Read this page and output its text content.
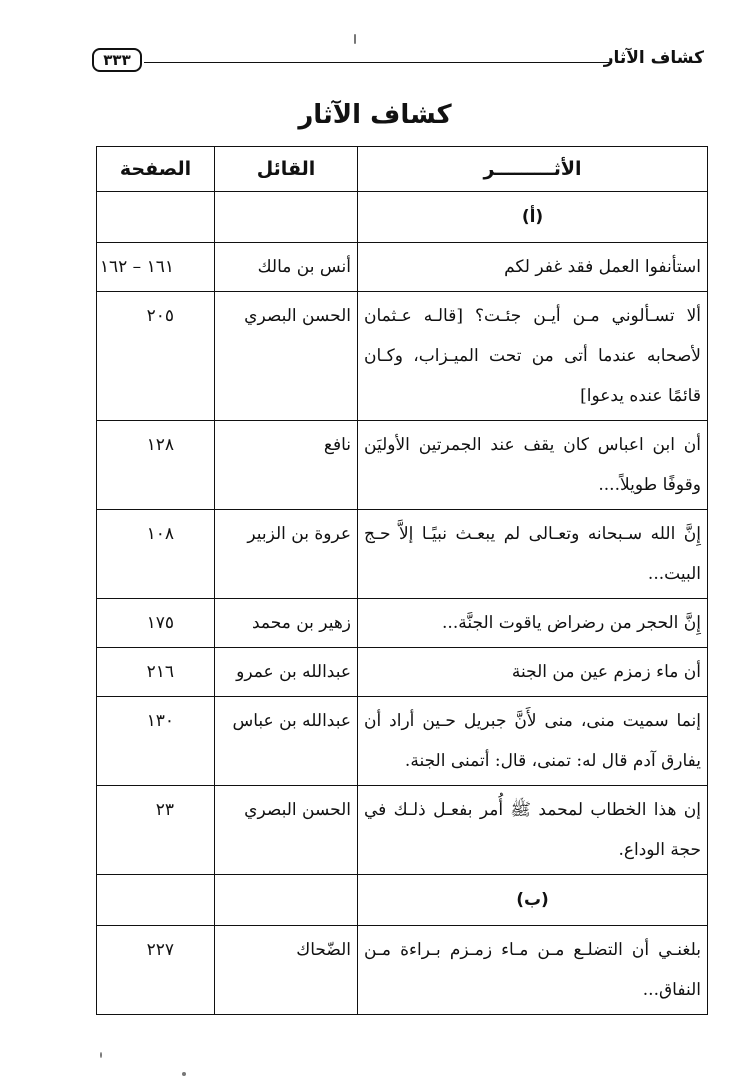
كشاف الآثار
٣٣٣
كشاف الآثار
الأثـــــــــر	القائل	الصفحة
(أ)		
استأنفوا العمل فقد غفر لكم	أنس بن مالك	١٦١ – ١٦٢
ألا تسـألوني مـن أيـن جئـت؟ [قالـه عـثمان لأصحابه عندما أتى من تحت الميـزاب، وكـان قائمًا عنده يدعوا]	الحسن البصري	٢٠٥
أن ابن اعباس كان يقف عند الجمرتين الأوليَن وقوفًا طويلاً....	نافع	١٢٨
إِنَّ الله سـبحانه وتعـالى لم يبعـث نبيًـا إلاَّ حـج البيت...	عروة بن الزبير	١٠٨
إِنَّ الحجر من رضراض ياقوت الجنَّة...	زهير بن محمد	١٧٥
أن ماء زمزم عين من الجنة	عبدالله بن عمرو	٢١٦
إنما سميت منى، منى لأَنَّ جبريل حـين أراد أن يفارق آدم قال له: تمنى، قال: أتمنى الجنة.	عبدالله بن عباس	١٣٠
إن هذا الخطاب لمحمد ﷺ أُمر بفعـل ذلـك في حجة الوداع.	الحسن البصري	٢٣
(ب)		
بلغنـي أن التضلـع مـن مـاء زمـزم بـراءة مـن النفاق...	الضّحاك	٢٢٧
